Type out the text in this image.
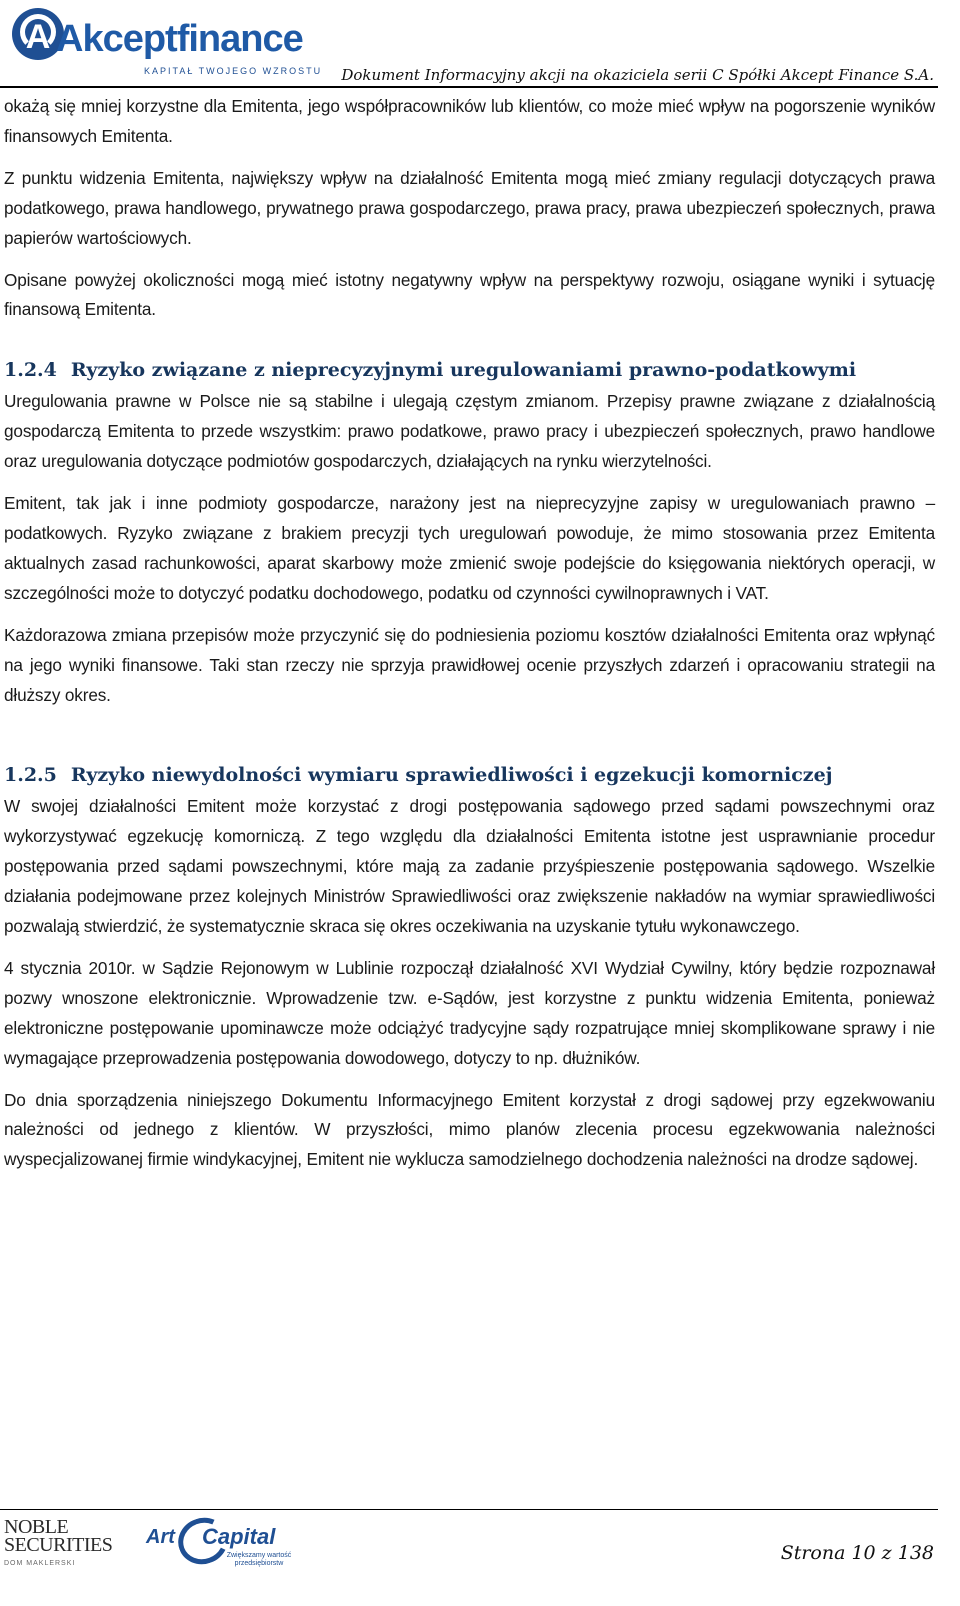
A Akceptfinance
KAPITAŁ TWOJEGO WZROSTU Dokument Informacyjny akcji na okaziciela serii C Spółki Akcept Finance S.A.

okażą się mniej korzystne dla Emitenta, jego współpracowników lub klientów, co może mieć wpływ na pogorszenie wyników finansowych Emitenta.

Z punktu widzenia Emitenta, największy wpływ na działalność Emitenta mogą mieć zmiany regulacji dotyczących prawa podatkowego, prawa handlowego, prywatnego prawa gospodarczego, prawa pracy, prawa ubezpieczeń społecznych, prawa papierów wartościowych.

Opisane powyżej okoliczności mogą mieć istotny negatywny wpływ na perspektywy rozwoju, osiągane wyniki i sytuację finansową Emitenta.

1.2.4 Ryzyko związane z nieprecyzyjnymi uregulowaniami prawno-podatkowymi

Uregulowania prawne w Polsce nie są stabilne i ulegają częstym zmianom. Przepisy prawne związane z działalnością gospodarczą Emitenta to przede wszystkim: prawo podatkowe, prawo pracy i ubezpieczeń społecznych, prawo handlowe oraz uregulowania dotyczące podmiotów gospodarczych, działających na rynku wierzytelności.

Emitent, tak jak i inne podmioty gospodarcze, narażony jest na nieprecyzyjne zapisy w uregulowaniach prawno – podatkowych. Ryzyko związane z brakiem precyzji tych uregulowań powoduje, że mimo stosowania przez Emitenta aktualnych zasad rachunkowości, aparat skarbowy może zmienić swoje podejście do księgowania niektórych operacji, w szczególności może to dotyczyć podatku dochodowego, podatku od czynności cywilnoprawnych i VAT.

Każdorazowa zmiana przepisów może przyczynić się do podniesienia poziomu kosztów działalności Emitenta oraz wpłynąć na jego wyniki finansowe. Taki stan rzeczy nie sprzyja prawidłowej ocenie przyszłych zdarzeń i opracowaniu strategii na dłuższy okres.

1.2.5 Ryzyko niewydolności wymiaru sprawiedliwości i egzekucji komorniczej

W swojej działalności Emitent może korzystać z drogi postępowania sądowego przed sądami powszechnymi oraz wykorzystywać egzekucję komorniczą. Z tego względu dla działalności Emitenta istotne jest usprawnianie procedur postępowania przed sądami powszechnymi, które mają za zadanie przyśpieszenie postępowania sądowego. Wszelkie działania podejmowane przez kolejnych Ministrów Sprawiedliwości oraz zwiększenie nakładów na wymiar sprawiedliwości pozwalają stwierdzić, że systematycznie skraca się okres oczekiwania na uzyskanie tytułu wykonawczego.

4 stycznia 2010r. w Sądzie Rejonowym w Lublinie rozpoczął działalność XVI Wydział Cywilny, który będzie rozpoznawał pozwy wnoszone elektronicznie. Wprowadzenie tzw. e-Sądów, jest korzystne z punktu widzenia Emitenta, ponieważ elektroniczne postępowanie upominawcze może odciążyć tradycyjne sądy rozpatrujące mniej skomplikowane sprawy i nie wymagające przeprowadzenia postępowania dowodowego, dotyczy to np. dłużników.

Do dnia sporządzenia niniejszego Dokumentu Informacyjnego Emitent korzystał z drogi sądowej przy egzekwowaniu należności od jednego z klientów. W przyszłości, mimo planów zlecenia procesu egzekwowania należności wyspecjalizowanej firmie windykacyjnej, Emitent nie wyklucza samodzielnego dochodzenia należności na drodze sądowej.

NOBLE
SECURITIES
DOM MAKLERSKI
Art Capital
Zwiększamy wartość przedsiębiorstw	Strona 10 z 138
